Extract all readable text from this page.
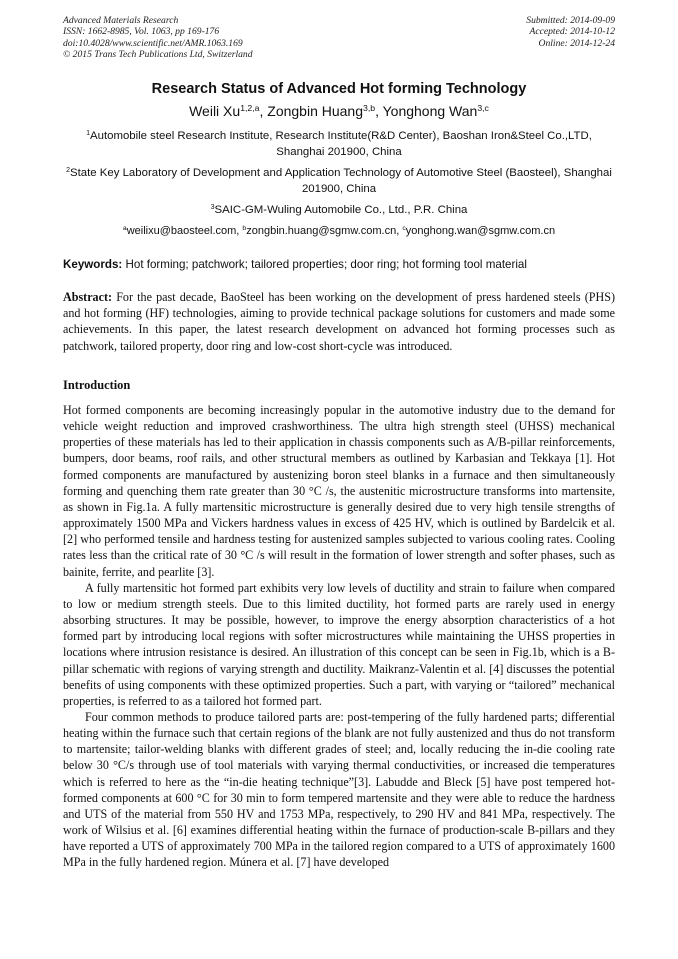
Advanced Materials Research
ISSN: 1662-8985, Vol. 1063, pp 169-176
doi:10.4028/www.scientific.net/AMR.1063.169
© 2015 Trans Tech Publications Ltd, Switzerland
Submitted: 2014-09-09
Accepted: 2014-10-12
Online: 2014-12-24
Research Status of Advanced Hot forming Technology
Weili Xu$^{1,2,a}$, Zongbin Huang$^{3,b}$, Yonghong Wan$^{3,c}$
$^1$Automobile steel Research Institute, Research Institute(R&D Center), Baoshan Iron&Steel Co.,LTD, Shanghai 201900, China
$^2$State Key Laboratory of Development and Application Technology of Automotive Steel (Baosteel), Shanghai 201900, China
$^3$SAIC-GM-Wuling Automobile Co., Ltd., P.R. China
$^a$weilixu@baosteel.com, $^b$zongbin.huang@sgmw.com.cn, $^c$yonghong.wan@sgmw.com.cn
Keywords: Hot forming; patchwork; tailored properties; door ring; hot forming tool material
Abstract: For the past decade, BaoSteel has been working on the development of press hardened steels (PHS) and hot forming (HF) technologies, aiming to provide technical package solutions for customers and made some achievements. In this paper, the latest research development on advanced hot forming processes such as patchwork, tailored property, door ring and low-cost short-cycle was introduced.
Introduction

Hot formed components are becoming increasingly popular in the automotive industry due to the demand for vehicle weight reduction and improved crashworthiness. The ultra high strength steel (UHSS) mechanical properties of these materials has led to their application in chassis components such as A/B-pillar reinforcements, bumpers, door beams, roof rails, and other structural members as outlined by Karbasian and Tekkaya [1]. Hot formed components are manufactured by austenizing boron steel blanks in a furnace and then simultaneously forming and quenching them rate greater than 30 °C /s, the austenitic microstructure transforms into martensite, as shown in Fig.1a. A fully martensitic microstructure is generally desired due to very high tensile strengths of approximately 1500 MPa and Vickers hardness values in excess of 425 HV, which is outlined by Bardelcik et al. [2] who performed tensile and hardness testing for austenized samples subjected to various cooling rates. Cooling rates less than the critical rate of 30 °C /s will result in the formation of lower strength and softer phases, such as bainite, ferrite, and pearlite [3].

A fully martensitic hot formed part exhibits very low levels of ductility and strain to failure when compared to low or medium strength steels. Due to this limited ductility, hot formed parts are rarely used in energy absorbing structures. It may be possible, however, to improve the energy absorption characteristics of a hot formed part by introducing local regions with softer microstructures while maintaining the UHSS properties in locations where intrusion resistance is desired. An illustration of this concept can be seen in Fig.1b, which is a B-pillar schematic with regions of varying strength and ductility. Maikranz-Valentin et al. [4] discusses the potential benefits of using components with these optimized properties. Such a part, with varying or “tailored” mechanical properties, is referred to as a tailored hot formed part.

Four common methods to produce tailored parts are: post-tempering of the fully hardened parts; differential heating within the furnace such that certain regions of the blank are not fully austenized and thus do not transform to martensite; tailor-welding blanks with different grades of steel; and, locally reducing the in-die cooling rate below 30 °C/s through use of tool materials with varying thermal conductivities, or increased die temperatures which is referred to here as the “in-die heating technique”[3]. Labudde and Bleck [5] have post tempered hot-formed components at 600 °C for 30 min to form tempered martensite and they were able to reduce the hardness and UTS of the material from 550 HV and 1753 MPa, respectively, to 290 HV and 841 MPa, respectively. The work of Wilsius et al. [6] examines differential heating within the furnace of production-scale B-pillars and they have reported a UTS of approximately 700 MPa in the tailored region compared to a UTS of approximately 1600 MPa in the fully hardened region. Múnera et al. [7] have developed
